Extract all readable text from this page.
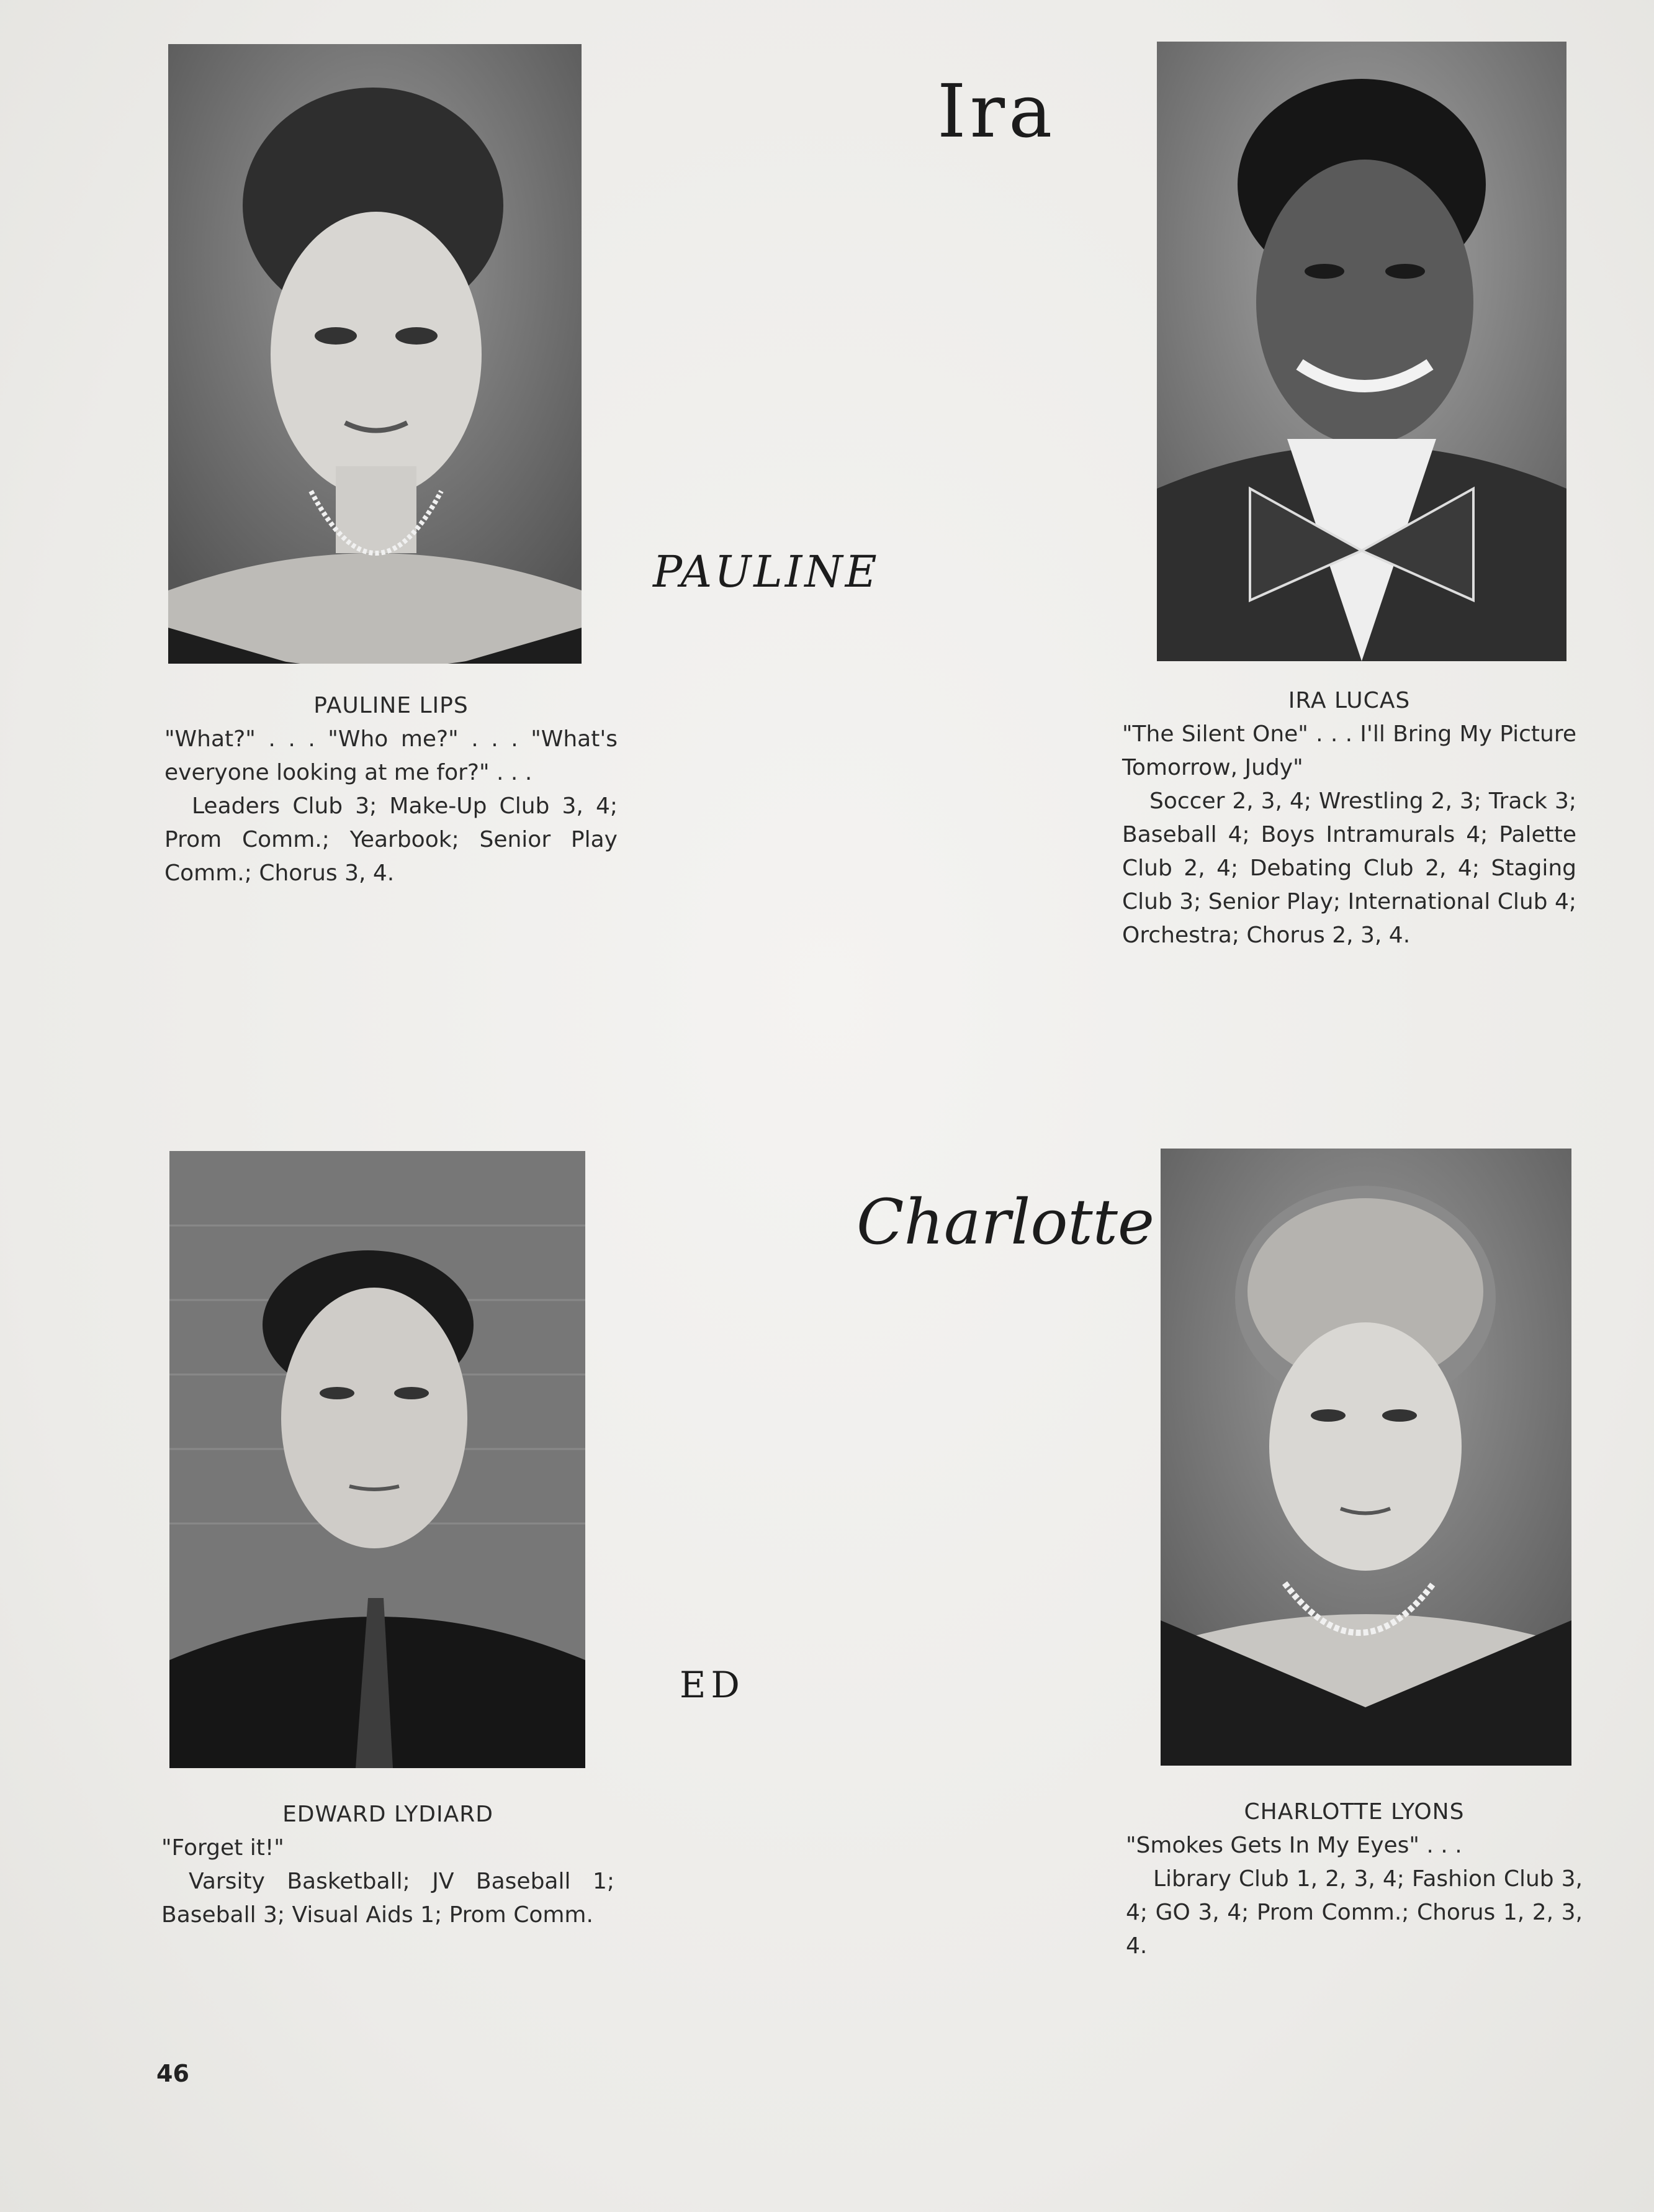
PAULINE LIPS
"What?" . . . "Who me?" . . . "What's everyone looking at me for?" . . .
Leaders Club 3; Make-Up Club 3, 4; Prom Comm.; Yearbook; Senior Play Comm.; Chorus 3, 4.
IRA LUCAS
"The Silent One" . . . I'll Bring My Picture Tomorrow, Judy"
Soccer 2, 3, 4; Wrestling 2, 3; Track 3; Baseball 4; Boys Intramurals 4; Palette Club 2, 4; Debating Club 2, 4; Staging Club 3; Senior Play; International Club 4; Orchestra; Chorus 2, 3, 4.
EDWARD LYDIARD
"Forget it!"
Varsity Basketball; JV Baseball 1; Baseball 3; Visual Aids 1; Prom Comm.
CHARLOTTE LYONS
"Smokes Gets In My Eyes" . . .
Library Club 1, 2, 3, 4; Fashion Club 3, 4; GO 3, 4; Prom Comm.; Chorus 1, 2, 3, 4.
Ira
PAULINE
Charlotte
ED
46
